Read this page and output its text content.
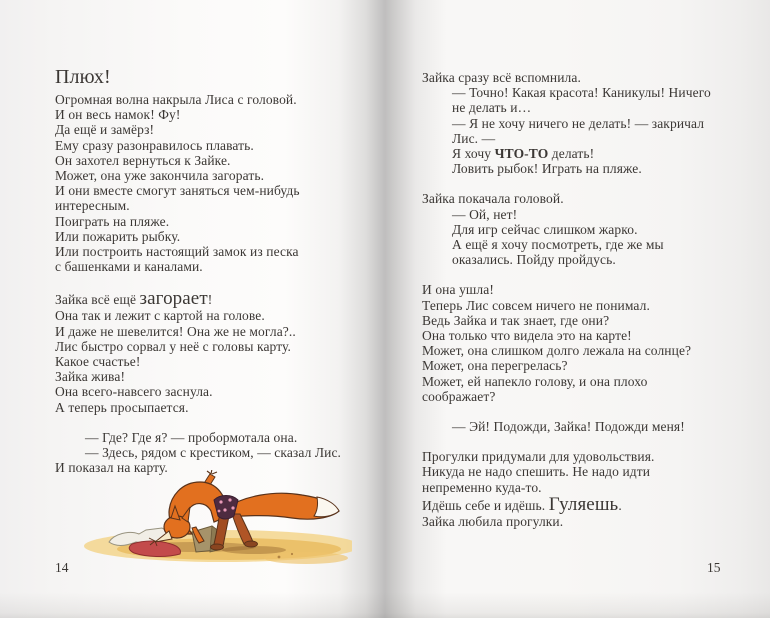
Плюх!
Огромная волна накрыла Лиса с головой.
И он весь намок! Фу!
Да ещё и замёрз!
Ему сразу разонравилось плавать.
Он захотел вернуться к Зайке.
Может, она уже закончила загорать.
И они вместе смогут заняться чем-нибудь
интересным.
Поиграть на пляже.
Или пожарить рыбку.
Или построить настоящий замок из песка
с башенками и каналами.
Зайка всё ещё загорает!
Она так и лежит с картой на голове.
И даже не шевелится! Она же не могла?..
Лис быстро сорвал у неё с головы карту.
Какое счастье!
Зайка жива!
Она всего-навсего заснула.
А теперь просыпается.
— Где? Где я? — пробормотала она.
— Здесь, рядом с крестиком, — сказал Лис.
И показал на карту.
Зайка сразу всё вспомнила.
— Точно! Какая красота! Каникулы! Ничего
не делать и…
— Я не хочу ничего не делать! — закричал
Лис. —
Я хочу ЧТО-ТО делать!
Ловить рыбок! Играть на пляже.
Зайка покачала головой.
— Ой, нет!
Для игр сейчас слишком жарко.
А ещё я хочу посмотреть, где же мы
оказались. Пойду пройдусь.
И она ушла!
Теперь Лис совсем ничего не понимал.
Ведь Зайка и так знает, где они?
Она только что видела это на карте!
Может, она слишком долго лежала на солнце?
Может, она перегрелась?
Может, ей напекло голову, и она плохо
соображает?
— Эй! Подожди, Зайка! Подожди меня!
Прогулки придумали для удовольствия.
Никуда не надо спешить. Не надо идти
непременно куда-то.
Идёшь себе и идёшь. Гуляешь.
Зайка любила прогулки.
14	15
